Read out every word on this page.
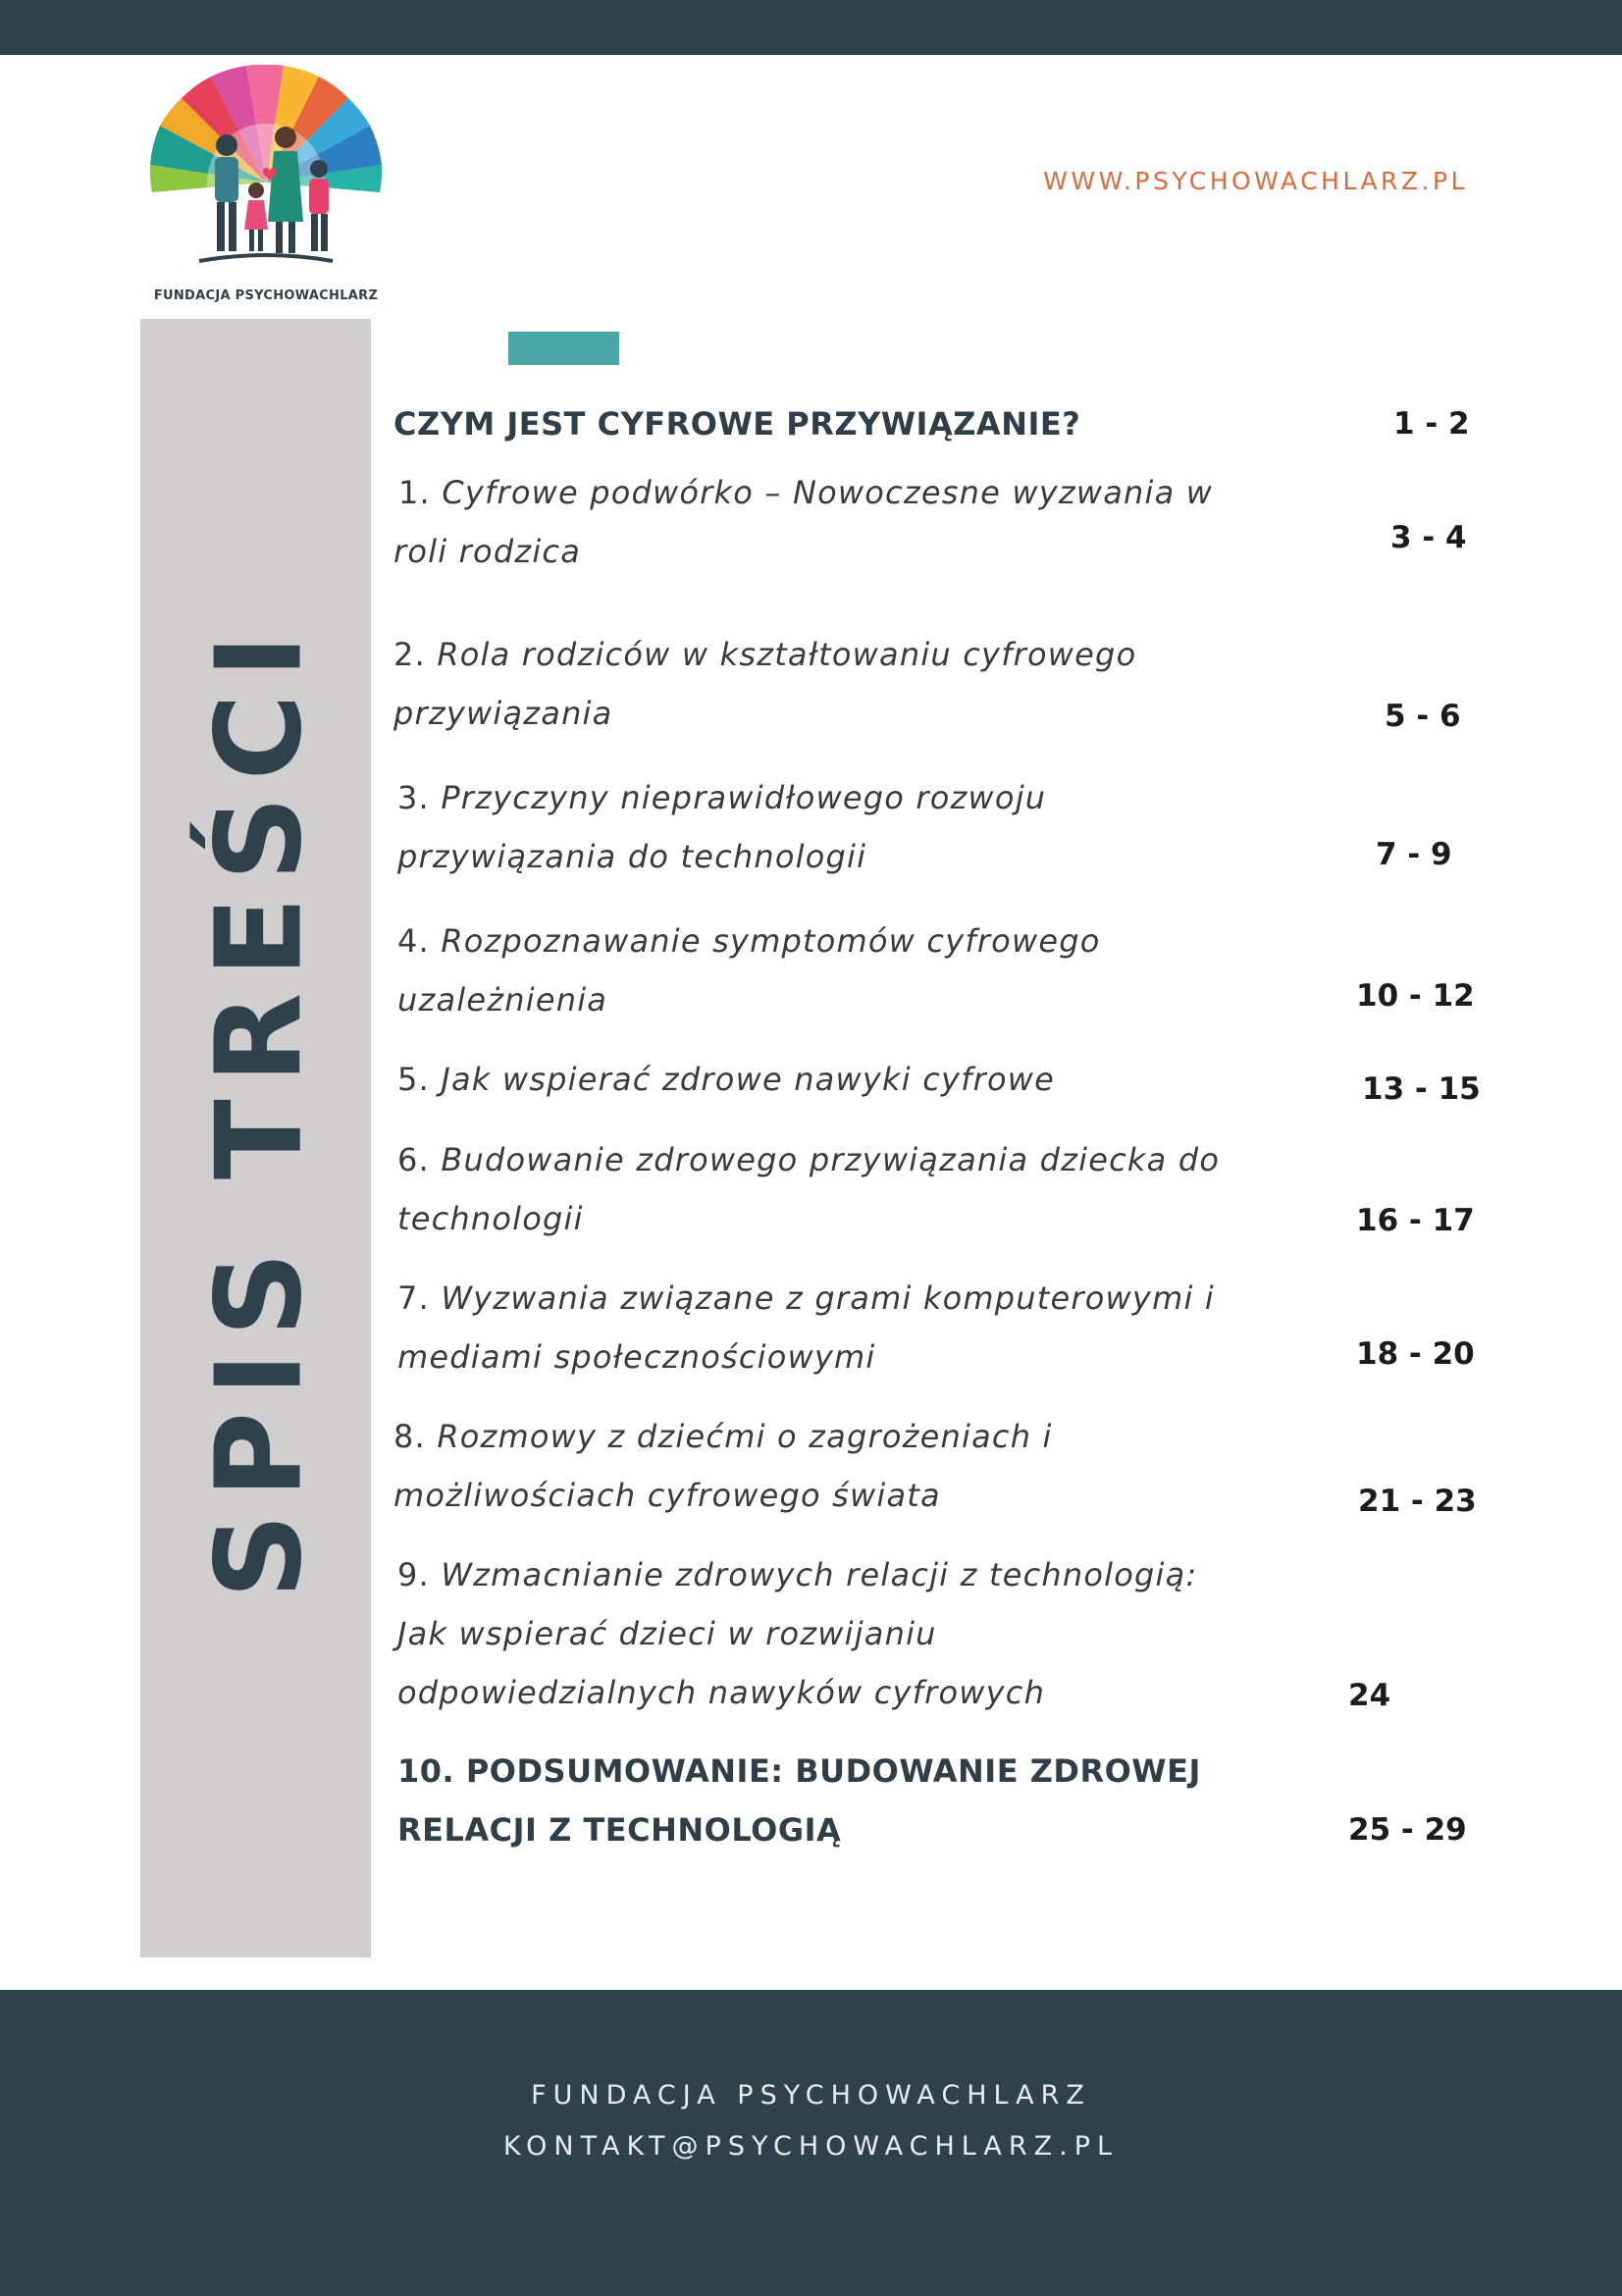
FUNDACJA PSYCHOWACHLARZ
WWW.PSYCHOWACHLARZ.PL
SPIS TREŚCI
CZYM JEST CYFROWE PRZYWIĄZANIE?	1 - 2
1. Cyfrowe podwórko – Nowoczesne wyzwania w
roli rodzica	3 - 4
2. Rola rodziców w kształtowaniu cyfrowego
przywiązania	5 - 6
3. Przyczyny nieprawidłowego rozwoju
przywiązania do technologii	7 - 9
4. Rozpoznawanie symptomów cyfrowego
uzależnienia	10 - 12
5. Jak wspierać zdrowe nawyki cyfrowe	13 - 15
6. Budowanie zdrowego przywiązania dziecka do
technologii	16 - 17
7. Wyzwania związane z grami komputerowymi i
mediami społecznościowymi	18 - 20
8. Rozmowy z dziećmi o zagrożeniach i
możliwościach cyfrowego świata	21 - 23
9. Wzmacnianie zdrowych relacji z technologią:
Jak wspierać dzieci w rozwijaniu
odpowiedzialnych nawyków cyfrowych	24
10. PODSUMOWANIE: BUDOWANIE ZDROWEJ
RELACJI Z TECHNOLOGIĄ	25 - 29
FUNDACJA PSYCHOWACHLARZ
KONTAKT@PSYCHOWACHLARZ.PL
